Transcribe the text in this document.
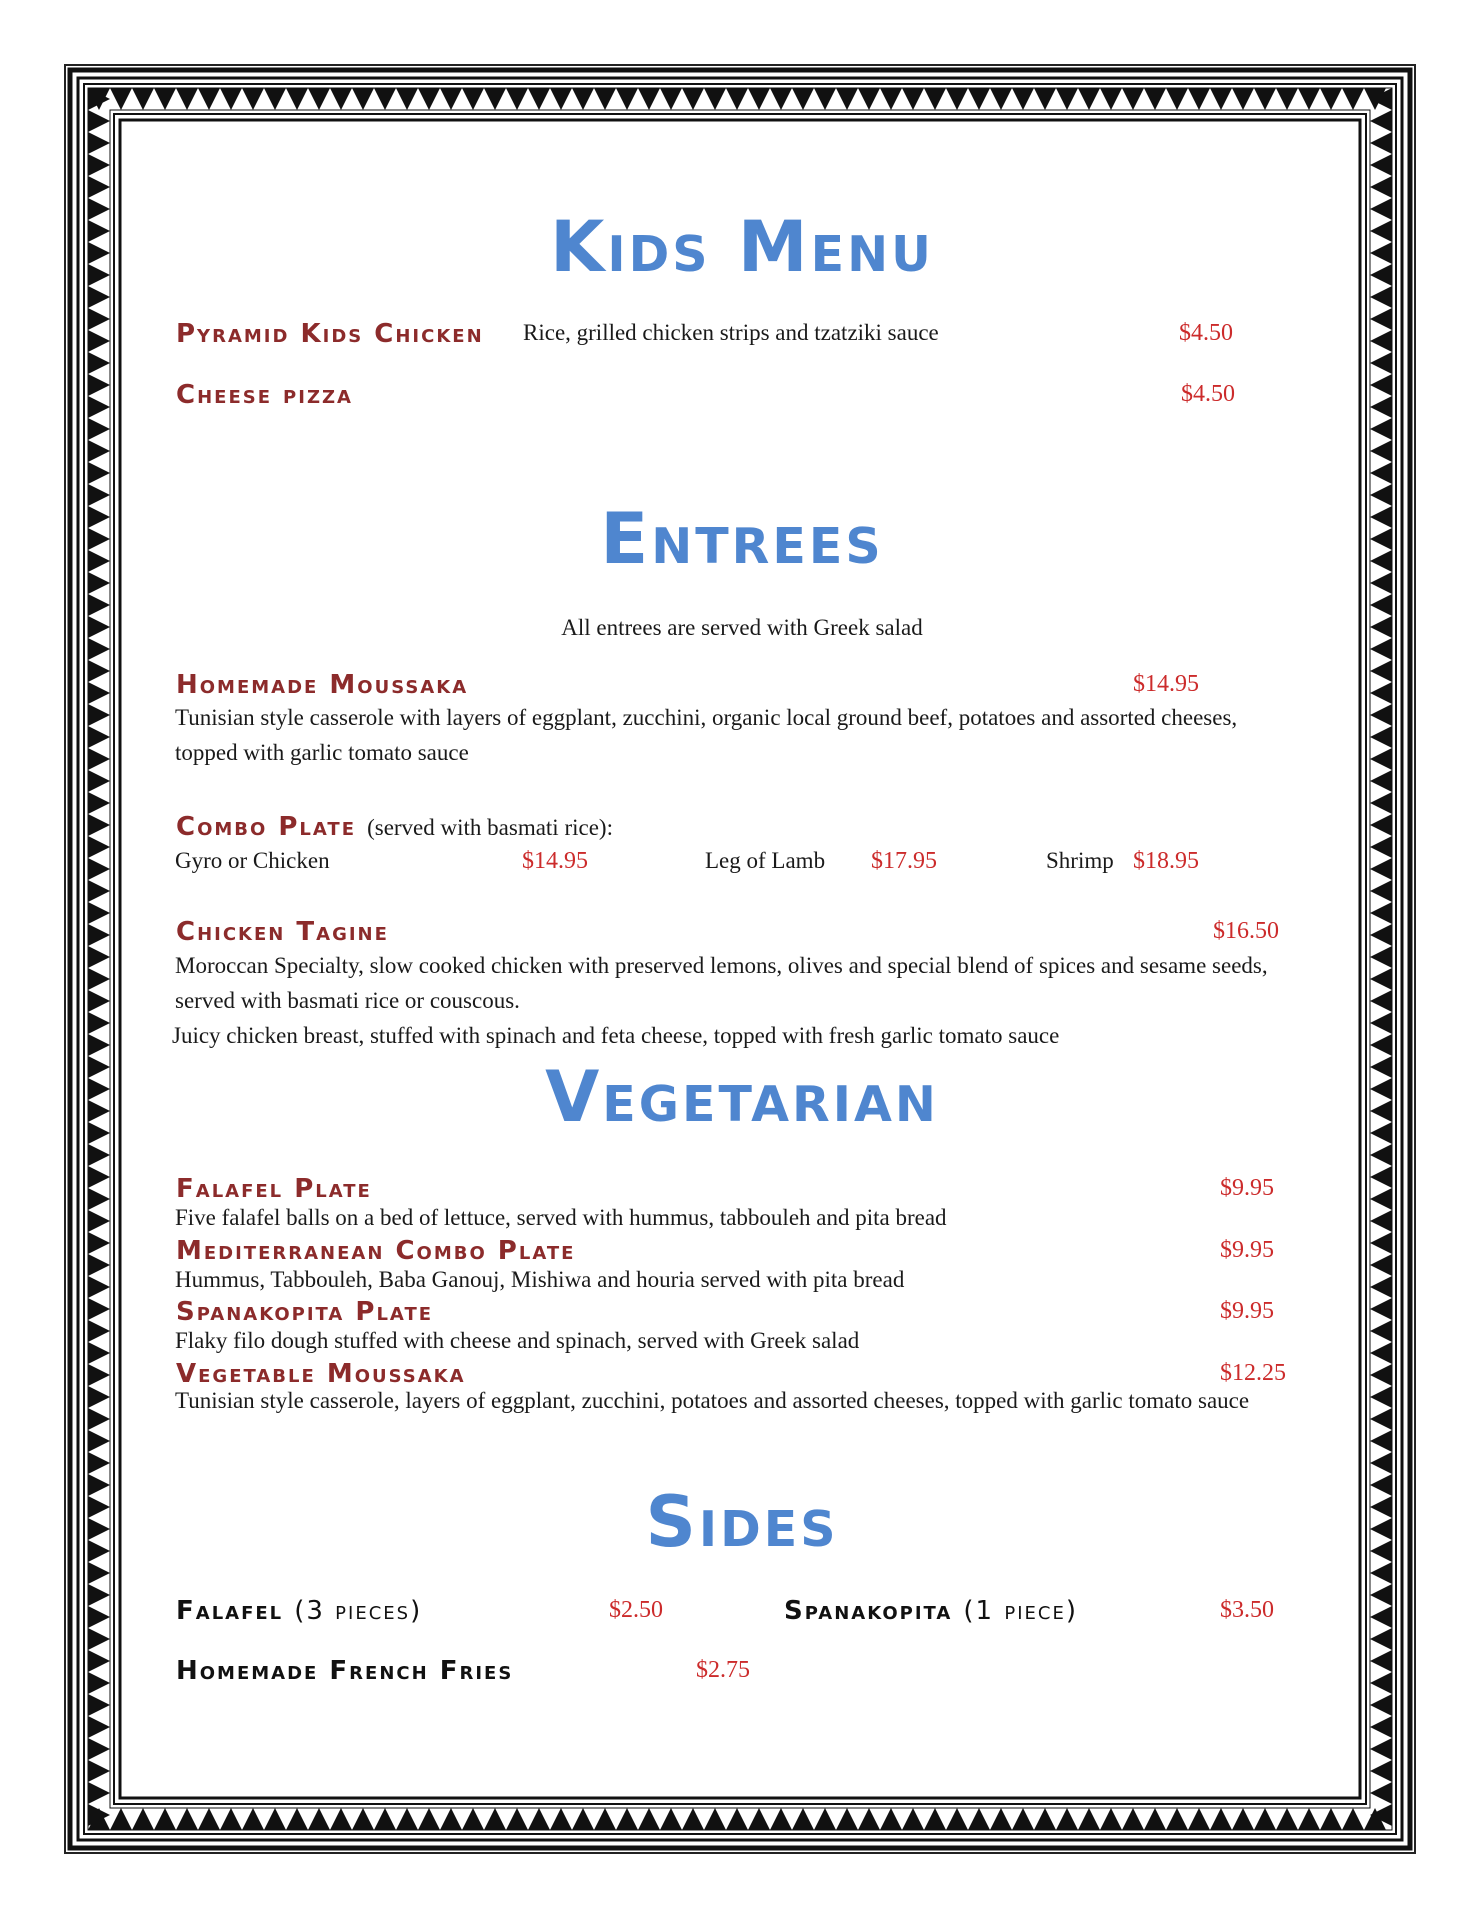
Kids Menu
Pyramid Kids Chicken Rice, grilled chicken strips and tzatziki sauce	$4.50
Cheese pizza	$4.50
Entrees
All entrees are served with Greek salad
Homemade Moussaka	$14.95
Tunisian style casserole with layers of eggplant, zucchini, organic local ground beef, potatoes and assorted cheeses, topped with garlic tomato sauce
Combo Plate (served with basmati rice):
Gyro or Chicken	$14.95	Leg of Lamb $17.95	Shrimp $18.95
Chicken Tagine	$16.50
Moroccan Specialty, slow cooked chicken with preserved lemons, olives and special blend of spices and sesame seeds, served with basmati rice or couscous.
Juicy chicken breast, stuffed with spinach and feta cheese, topped with fresh garlic tomato sauce
Vegetarian
Falafel Plate	$9.95
Five falafel balls on a bed of lettuce, served with hummus, tabbouleh and pita bread
Mediterranean Combo Plate	$9.95
Hummus, Tabbouleh, Baba Ganouj, Mishiwa and houria served with pita bread
Spanakopita Plate	$9.95
Flaky filo dough stuffed with cheese and spinach, served with Greek salad
Vegetable Moussaka	$12.25
Tunisian style casserole, layers of eggplant, zucchini, potatoes and assorted cheeses, topped with garlic tomato sauce
Sides
Falafel (3 pieces)	$2.50	Spanakopita (1 piece)	$3.50
Homemade French Fries	$2.75
